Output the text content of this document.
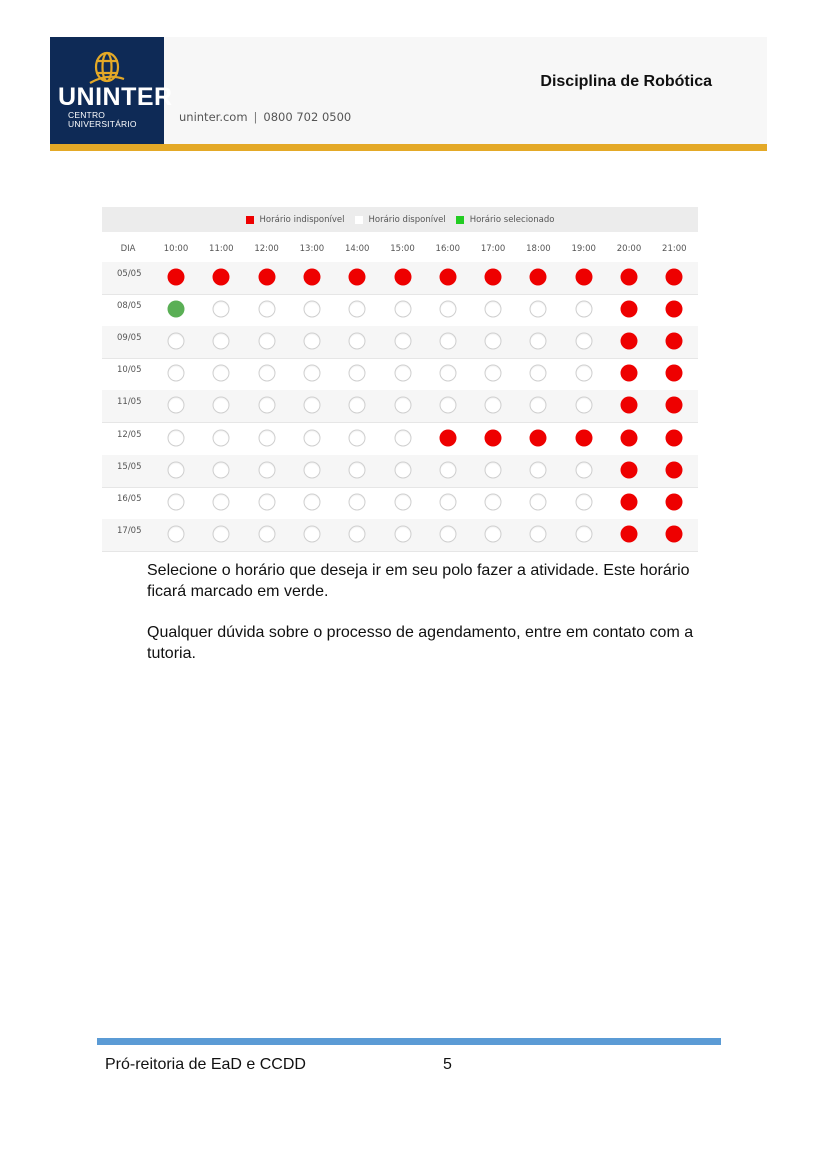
UNINTER
CENTRO
UNIVERSITÁRIO	uninter.com | 0800 702 0500
Disciplina de Robótica
Horário indisponível	Horário disponível	Horário selecionado
DIA	10:00 11:00 12:00 13:00 14:00 15:00 16:00 17:00 18:00 19:00 20:00 21:00
05/05
08/05
09/05
10/05
11/05
12/05
15/05
16/05
17/05

Selecione o horário que deseja ir em seu polo fazer a atividade. Este horário ficará marcado em verde.

Qualquer dúvida sobre o processo de agendamento, entre em contato com a tutoria.

Pró-reitoria de EaD e CCDD	5
